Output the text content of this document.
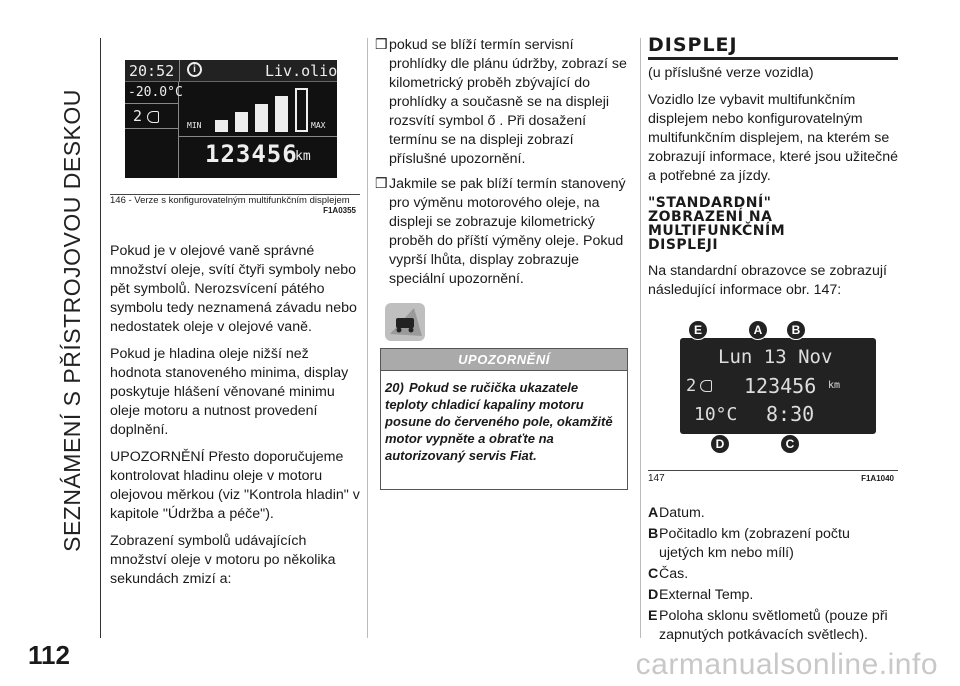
SEZNÁMENÍ S PŘÍSTROJOVOU DESKOU
112
20:52	i	Liv.olio
-20.0°C
2
MIN	MAX
123456
km
146 - Verze s konfigurovatelným multifunkčním displejem
F1A0355

Pokud je v olejové vaně správné množství oleje, svítí čtyři symboly nebo pět symbolů. Nerozsvícení pátého symbolu tedy neznamená závadu nebo nedostatek oleje v olejové vaně.

Pokud je hladina oleje nižší než hodnota stanoveného minima, display poskytuje hlášení věnované minimu oleje motoru a nutnost provedení doplnění.

UPOZORNĚNÍ Přesto doporučujeme kontrolovat hladinu oleje v motoru olejovou měrkou (viz "Kontrola hladin" v kapitole "Údržba a péče").

Zobrazení symbolů udávajících množství oleje v motoru po několika sekundách zmizí a:

❒ pokud se blíží termín servisní prohlídky dle plánu údržby, zobrazí se kilometrický proběh zbývající do prohlídky a současně se na displeji rozsvítí symbol ő . Při dosažení termínu se na displeji zobrazí příslušné upozornění.
❒ Jakmile se pak blíží termín stanovený pro výměnu motorového oleje, na displeji se zobrazuje kilometrický proběh do příští výměny oleje. Pokud vyprší lhůta, display zobrazuje speciální upozornění.
UPOZORNĚNÍ
20) Pokud se ručička ukazatele teploty chladicí kapaliny motoru posune do červeného pole, okamžitě motor vypněte a obraťte na autorizovaný servis Fiat.
DISPLEJ

(u příslušné verze vozidla)

Vozidlo lze vybavit multifunkčním displejem nebo konfigurovatelným multifunkčním displejem, na kterém se zobrazují informace, které jsou užitečné a potřebné za jízdy.

"STANDARDNÍ" ZOBRAZENÍ NA MULTIFUNKČNÍM DISPLEJI

Na standardní obrazovce se zobrazují následující informace obr. 147:

Lun 13 Nov
2 123456 km
10°C 8:30
E	A	B
D	C
147	F1A1040
A Datum.
B Počitadlo km (zobrazení počtu ujetých km nebo mílí)
C Čas.
D External Temp.
E Poloha sklonu světlometů (pouze při zapnutých potkávacích světlech).
carmanualsonline.info
